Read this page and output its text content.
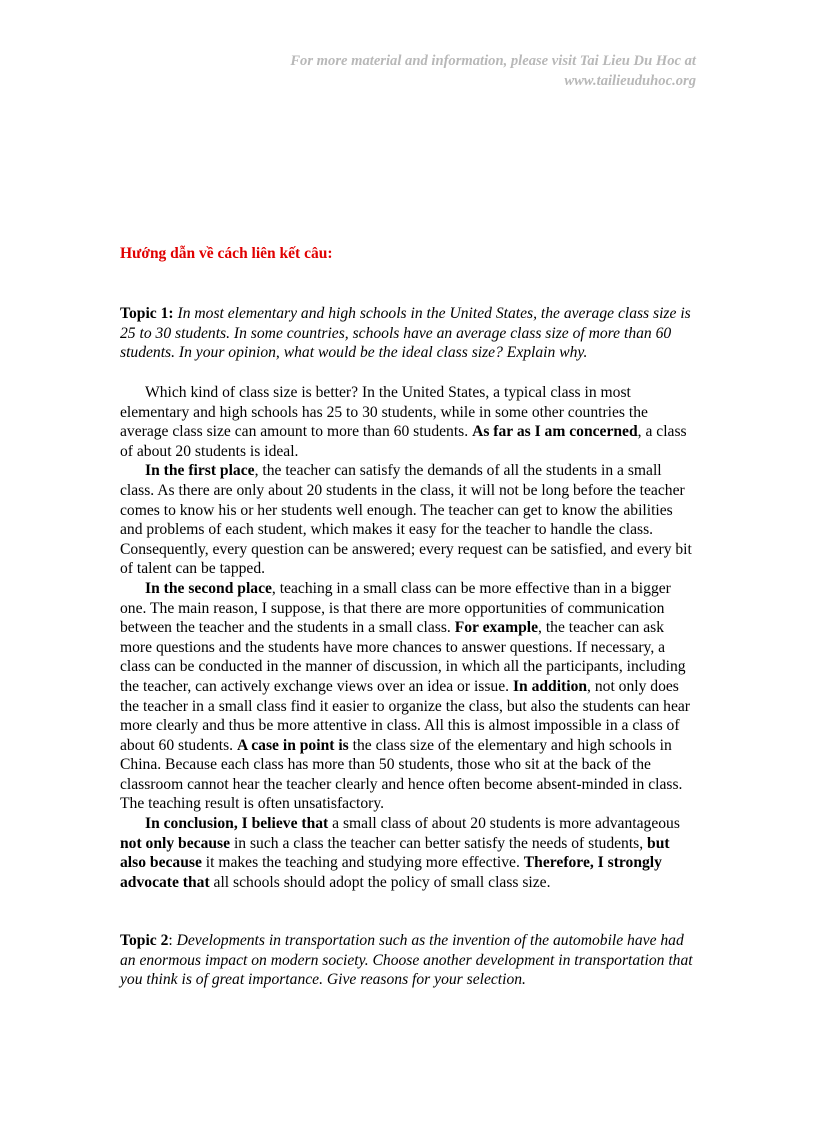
For more material and information, please visit Tai Lieu Du Hoc at
www.tailieuduhoc.org
Hướng dẫn về cách liên kết câu:

Topic 1: In most elementary and high schools in the United States, the average class size is 25 to 30 students. In some countries, schools have an average class size of more than 60 students. In your opinion, what would be the ideal class size? Explain why.

Which kind of class size is better? In the United States, a typical class in most elementary and high schools has 25 to 30 students, while in some other countries the average class size can amount to more than 60 students. As far as I am concerned, a class of about 20 students is ideal.

In the first place, the teacher can satisfy the demands of all the students in a small class. As there are only about 20 students in the class, it will not be long before the teacher comes to know his or her students well enough. The teacher can get to know the abilities and problems of each student, which makes it easy for the teacher to handle the class. Consequently, every question can be answered; every request can be satisfied, and every bit of talent can be tapped.

In the second place, teaching in a small class can be more effective than in a bigger one. The main reason, I suppose, is that there are more opportunities of communication between the teacher and the students in a small class. For example, the teacher can ask more questions and the students have more chances to answer questions. If necessary, a class can be conducted in the manner of discussion, in which all the participants, including the teacher, can actively exchange views over an idea or issue. In addition, not only does the teacher in a small class find it easier to organize the class, but also the students can hear more clearly and thus be more attentive in class. All this is almost impossible in a class of about 60 students. A case in point is the class size of the elementary and high schools in China. Because each class has more than 50 students, those who sit at the back of the classroom cannot hear the teacher clearly and hence often become absent-minded in class. The teaching result is often unsatisfactory.

In conclusion, I believe that a small class of about 20 students is more advantageous not only because in such a class the teacher can better satisfy the needs of students, but also because it makes the teaching and studying more effective. Therefore, I strongly advocate that all schools should adopt the policy of small class size.

Topic 2: Developments in transportation such as the invention of the automobile have had an enormous impact on modern society. Choose another development in transportation that you think is of great importance. Give reasons for your selection.
